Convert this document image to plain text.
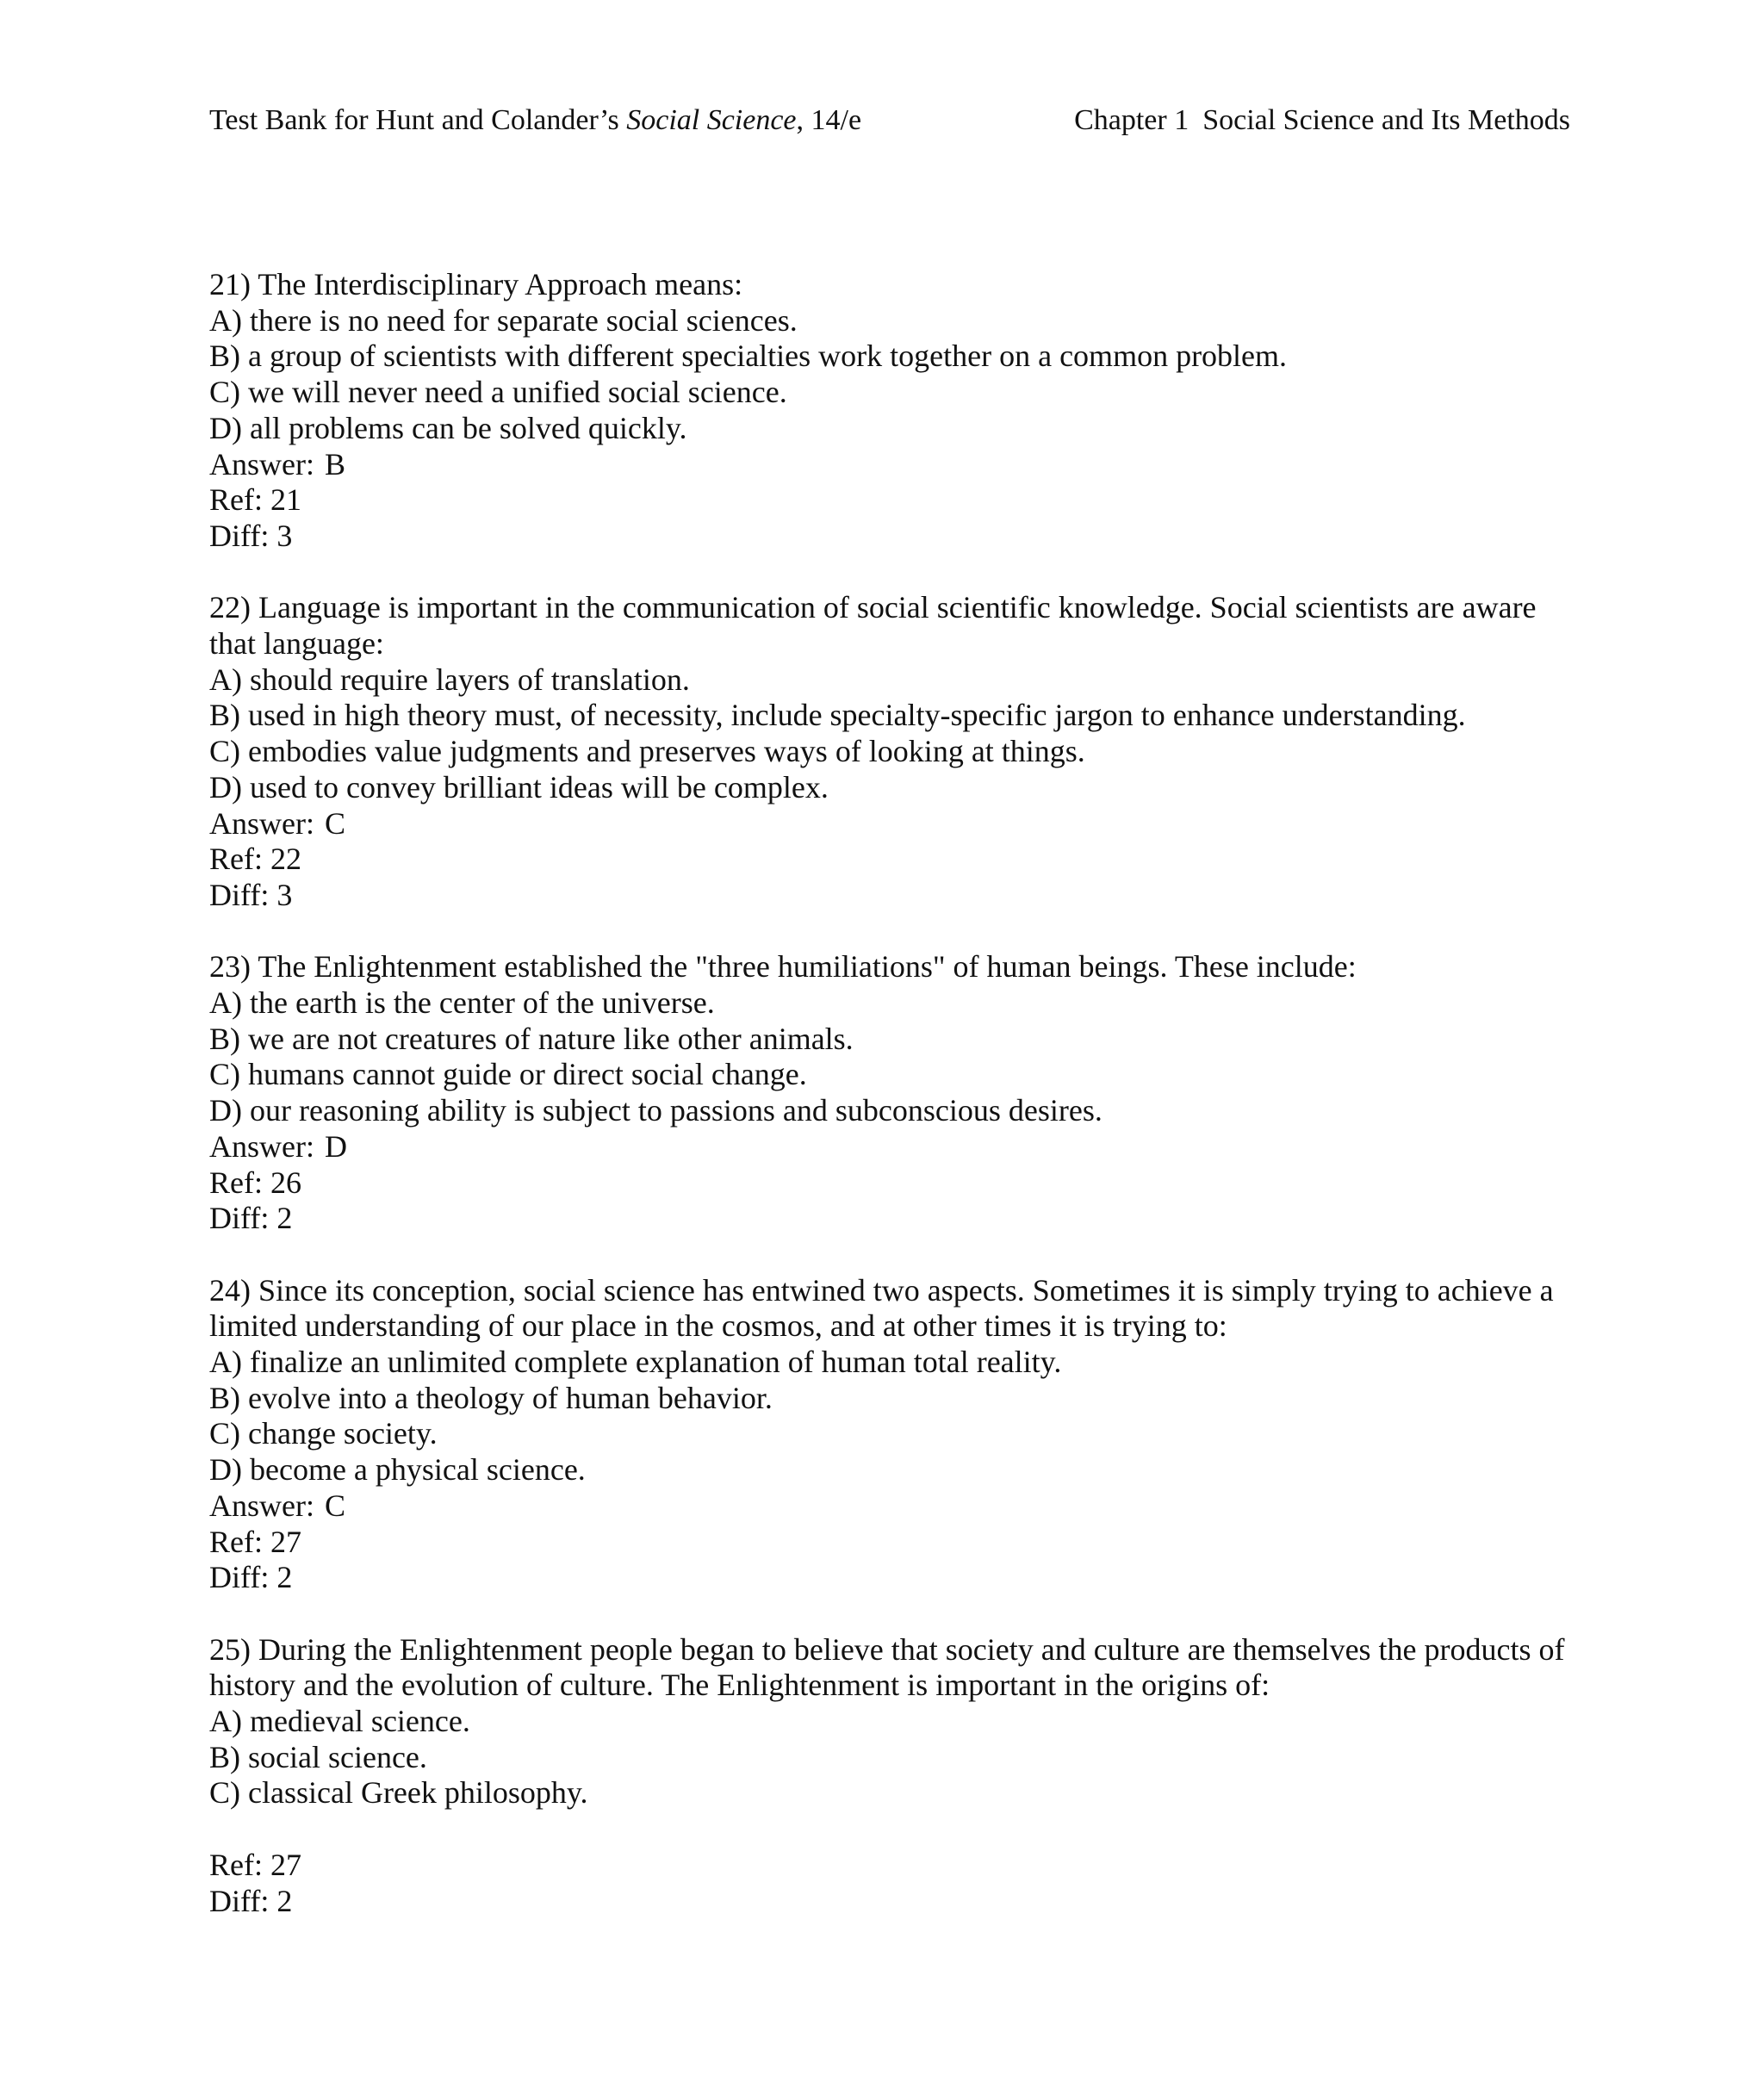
Test Bank for Hunt and Colander’s Social Science, 14/e	Chapter 1 Social Science and Its Methods
21) The Interdisciplinary Approach means:
A) there is no need for separate social sciences.
B) a group of scientists with different specialties work together on a common problem.
C) we will never need a unified social science.
D) all problems can be solved quickly.
Answer: B
Ref: 21
Diff: 3
22) Language is important in the communication of social scientific knowledge. Social scientists are aware that language:
A) should require layers of translation.
B) used in high theory must, of necessity, include specialty-specific jargon to enhance understanding.
C) embodies value judgments and preserves ways of looking at things.
D) used to convey brilliant ideas will be complex.
Answer: C
Ref: 22
Diff: 3
23) The Enlightenment established the "three humiliations" of human beings. These include:
A) the earth is the center of the universe.
B) we are not creatures of nature like other animals.
C) humans cannot guide or direct social change.
D) our reasoning ability is subject to passions and subconscious desires.
Answer: D
Ref: 26
Diff: 2
24) Since its conception, social science has entwined two aspects. Sometimes it is simply trying to achieve a limited understanding of our place in the cosmos, and at other times it is trying to:
A) finalize an unlimited complete explanation of human total reality.
B) evolve into a theology of human behavior.
C) change society.
D) become a physical science.
Answer: C
Ref: 27
Diff: 2
25) During the Enlightenment people began to believe that society and culture are themselves the products of history and the evolution of culture. The Enlightenment is important in the origins of:
A) medieval science.
B) social science.
C) classical Greek philosophy.
Ref: 27
Diff: 2
